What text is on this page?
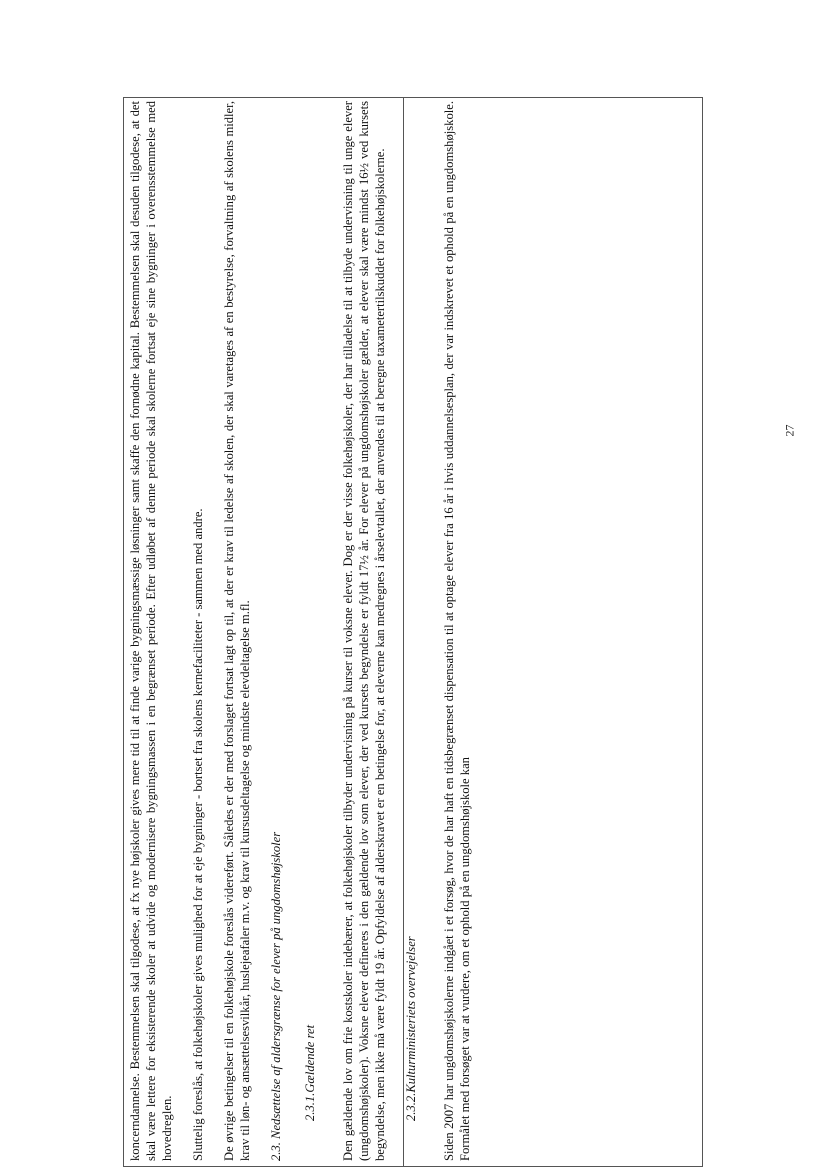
koncerndannelse. Bestemmelsen skal tilgodese, at fx nye højskoler gives mere tid til at finde varige bygningsmæssige løsninger samt skaffe den fornødne kapital. Bestemmelsen skal desuden tilgodese, at det skal være lettere for eksisterende skoler at udvide og modernisere bygningsmassen i en begrænset periode. Efter udløbet af denne periode skal skolerne fortsat eje sine bygninger i overensstemmelse med hovedreglen. Sluttelig foreslås, at folkehøjskoler gives mulighed for at eje bygninger - bortset fra skolens kernefaciliteter - sammen med andre. De øvrige betingelser til en folkehøjskole foreslås videreført. Således er der med forslaget fortsat lagt op til, at der er krav til ledelse af skolen, der skal varetages af en bestyrelse, forvaltning af skolens midler, krav til løn- og ansættelsesvilkår, huslejeafaler m.v. og krav til kursusdeltagelse og mindste elevdeltagelse m.fl. 2.3. Nedsættelse af aldersgrænse for elever på ungdomshøjskoler 2.3.1.Gældende ret Den gældende lov om frie kostskoler indebærer, at folkehøjskoler tilbyder undervisning på kurser til voksne elever. Dog er der visse folkehøjskoler, der har tilladelse til at tilbyde undervisning til unge elever (ungdomshøjskoler). Voksne elever defineres i den gældende lov som elever, der ved kursets begyndelse er fyldt 17½ år. For elever på ungdomshøjskoler gælder, at elever skal være mindst 16½ ved kursets begyndelse, men ikke må være fyldt 19 år. Opfyldelse af alderskravet er en betingelse for, at eleverne kan medregnes i årselevtallet, der anvendes til at beregne taxametertilskuddet for folkehøjskolerne. 2.3.2.Kulturministeriets overvejelser Siden 2007 har ungdomshøjskolerne indgået i et forsøg, hvor de har haft en tidsbegrænset dispensation til at optage elever fra 16 år i hvis uddannelsesplan, der var indskrevet et ophold på en ungdomshøjskole. Formålet med forsøget var at vurdere, om et ophold på en ungdomshøjskole kan

27
